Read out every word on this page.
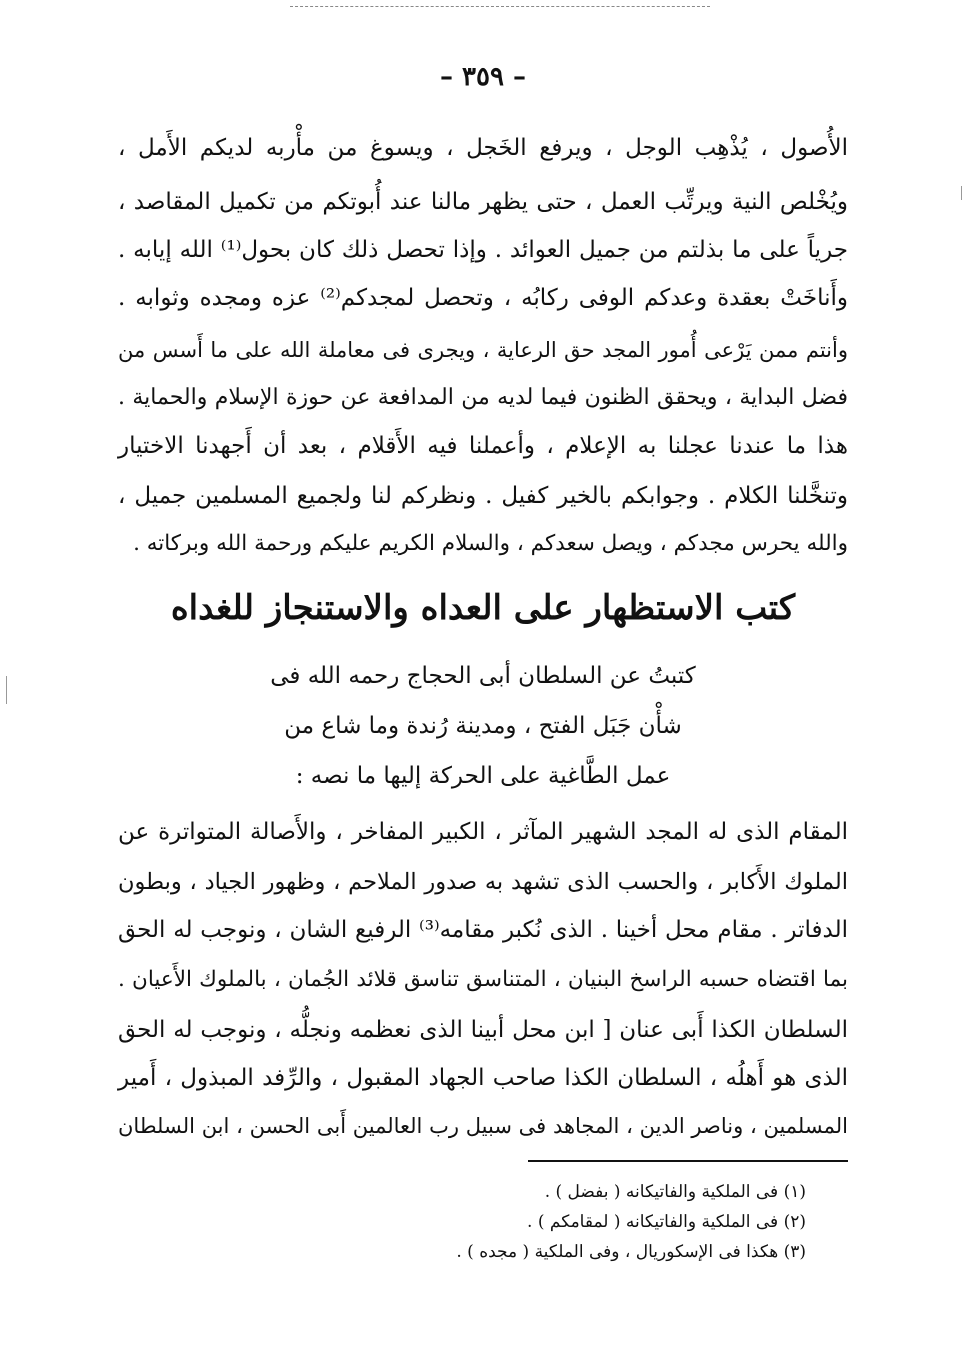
– ٣٥٩ –
الأُصول ، يُذْهِب الوجل ، ويرفع الخَجل ، ويسوغ من مأْربه لديكم الأَمل ،
ويُخْلص النية ويرتِّب العمل ، حتى يظهر مالنا عند أُبوتكم من تكميل المقاصد ،
جرياً على ما بذلتم من جميل العوائد . وإذا تحصل ذلك كان بحول⁽¹⁾ الله إيابه .
وأَناخَتْ بعقدة وعدكم الوفى ركابُه ، وتحصل لمجدكم⁽²⁾ عزه ومجده وثوابه .
وأنتم ممن يَرْعى أُمور المجد حق الرعاية ، ويجرى فى معاملة الله على ما أَسس من
فضل البداية ، ويحقق الظنون فيما لديه من المدافعة عن حوزة الإسلام والحماية .
هذا ما عندنا عجلنا به الإعلام ، وأعملنا فيه الأَقلام ، بعد أن أَجهدنا الاختيار
وتنخَّلنا الكلام . وجوابكم بالخير كفيل . ونظركم لنا ولجميع المسلمين جميل ،
والله يحرس مجدكم ، ويصل سعدكم ، والسلام الكريم عليكم ورحمة الله وبركاته .
كتب الاستظهار على العداه والاستنجاز للغداه
كتبتُ عن السلطان أبى الحجاج رحمه الله فى
شأْن جَبَل الفتح ، ومدينة رُندة وما شاع من
عمل الطَّاغية على الحركة إليها ما نصه :
المقام الذى له المجد الشهير المآثر ، الكبير المفاخر ، والأَصالة المتواترة عن
الملوك الأَكابر ، والحسب الذى تشهد به صدور الملاحم ، وظهور الجياد ، وبطون
الدفاتر . مقام محل أخينا . الذى نُكبر مقامه⁽³⁾ الرفيع الشان ، ونوجب له الحق
بما اقتضاه حسبه الراسخ البنيان ، المتناسق تناسق قلائد الجُمان ، بالملوك الأَعيان .
السلطان الكذا أَبى عنان [ ابن محل أبينا الذى نعظمه ونجلُّه ، ونوجب له الحق
الذى هو أَهلُه ، السلطان الكذا صاحب الجهاد المقبول ، والرِّفد المبذول ، أَمير
المسلمين ، وناصر الدين ، المجاهد فى سبيل رب العالمين أَبى الحسن ، ابن السلطان
(١) فى الملكية والفاتيكانه ( بفضل ) .
(٢) فى الملكية والفاتيكانه ( لمقامكم ) .
(٣) هكذا فى الإسكوريال ، وفى الملكية ( مجده ) .
